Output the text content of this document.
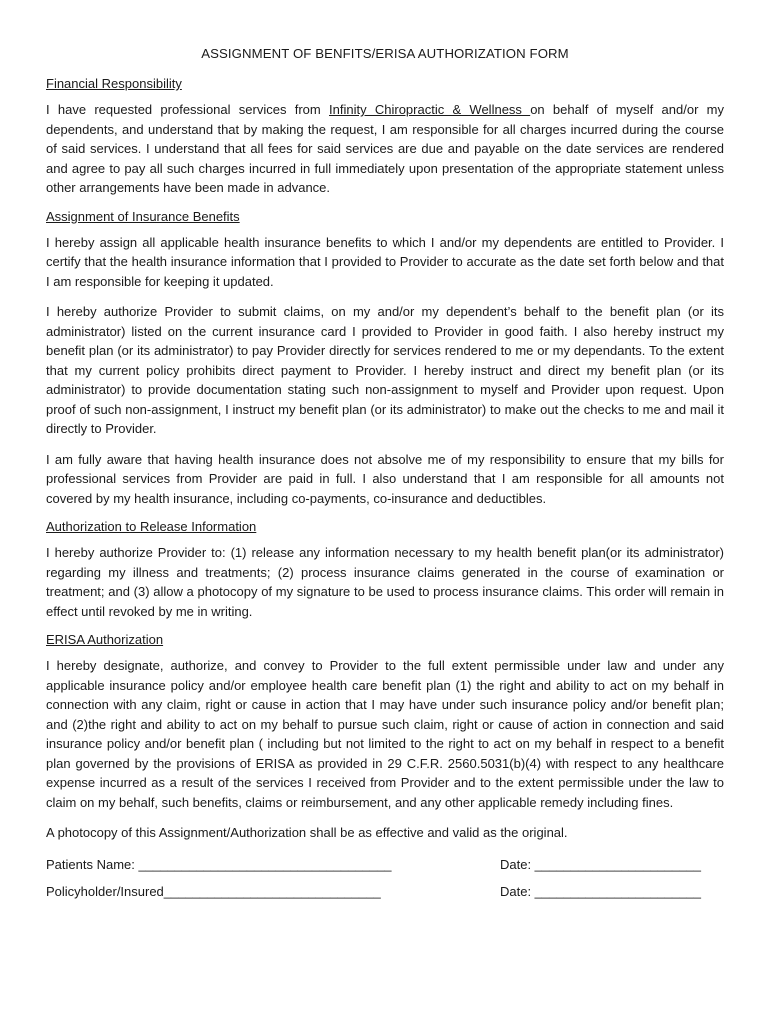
ASSIGNMENT OF BENFITS/ERISA AUTHORIZATION FORM
Financial Responsibility

I have requested professional services from Infinity Chiropractic & Wellness on behalf of myself and/or my dependents, and understand that by making the request, I am responsible for all charges incurred during the course of said services. I understand that all fees for said services are due and payable on the date services are rendered and agree to pay all such charges incurred in full immediately upon presentation of the appropriate statement unless other arrangements have been made in advance.

Assignment of Insurance Benefits

I hereby assign all applicable health insurance benefits to which I and/or my dependents are entitled to Provider. I certify that the health insurance information that I provided to Provider to accurate as the date set forth below and that I am responsible for keeping it updated.

I hereby authorize Provider to submit claims, on my and/or my dependent’s behalf to the benefit plan (or its administrator) listed on the current insurance card I provided to Provider in good faith. I also hereby instruct my benefit plan (or its administrator) to pay Provider directly for services rendered to me or my dependants. To the extent that my current policy prohibits direct payment to Provider. I hereby instruct and direct my benefit plan (or its administrator) to provide documentation stating such non-assignment to myself and Provider upon request. Upon proof of such non-assignment, I instruct my benefit plan (or its administrator) to make out the checks to me and mail it directly to Provider.

I am fully aware that having health insurance does not absolve me of my responsibility to ensure that my bills for professional services from Provider are paid in full. I also understand that I am responsible for all amounts not covered by my health insurance, including co-payments, co-insurance and deductibles.

Authorization to Release Information

I hereby authorize Provider to: (1) release any information necessary to my health benefit plan(or its administrator) regarding my illness and treatments; (2) process insurance claims generated in the course of examination or treatment; and (3) allow a photocopy of my signature to be used to process insurance claims. This order will remain in effect until revoked by me in writing.

ERISA Authorization

I hereby designate, authorize, and convey to Provider to the full extent permissible under law and under any applicable insurance policy and/or employee health care benefit plan (1) the right and ability to act on my behalf in connection with any claim, right or cause in action that I may have under such insurance policy and/or benefit plan; and (2)the right and ability to act on my behalf to pursue such claim, right or cause of action in connection and said insurance policy and/or benefit plan ( including but not limited to the right to act on my behalf in respect to a benefit plan governed by the provisions of ERISA as provided in 29 C.F.R. 2560.5031(b)(4) with respect to any healthcare expense incurred as a result of the services I received from Provider and to the extent permissible under the law to claim on my behalf, such benefits, claims or reimbursement, and any other applicable remedy including fines.

A photocopy of this Assignment/Authorization shall be as effective and valid as the original.

Patients Name: ___________________________________	Date: _______________________
Policyholder/Insured______________________________	Date: _______________________
